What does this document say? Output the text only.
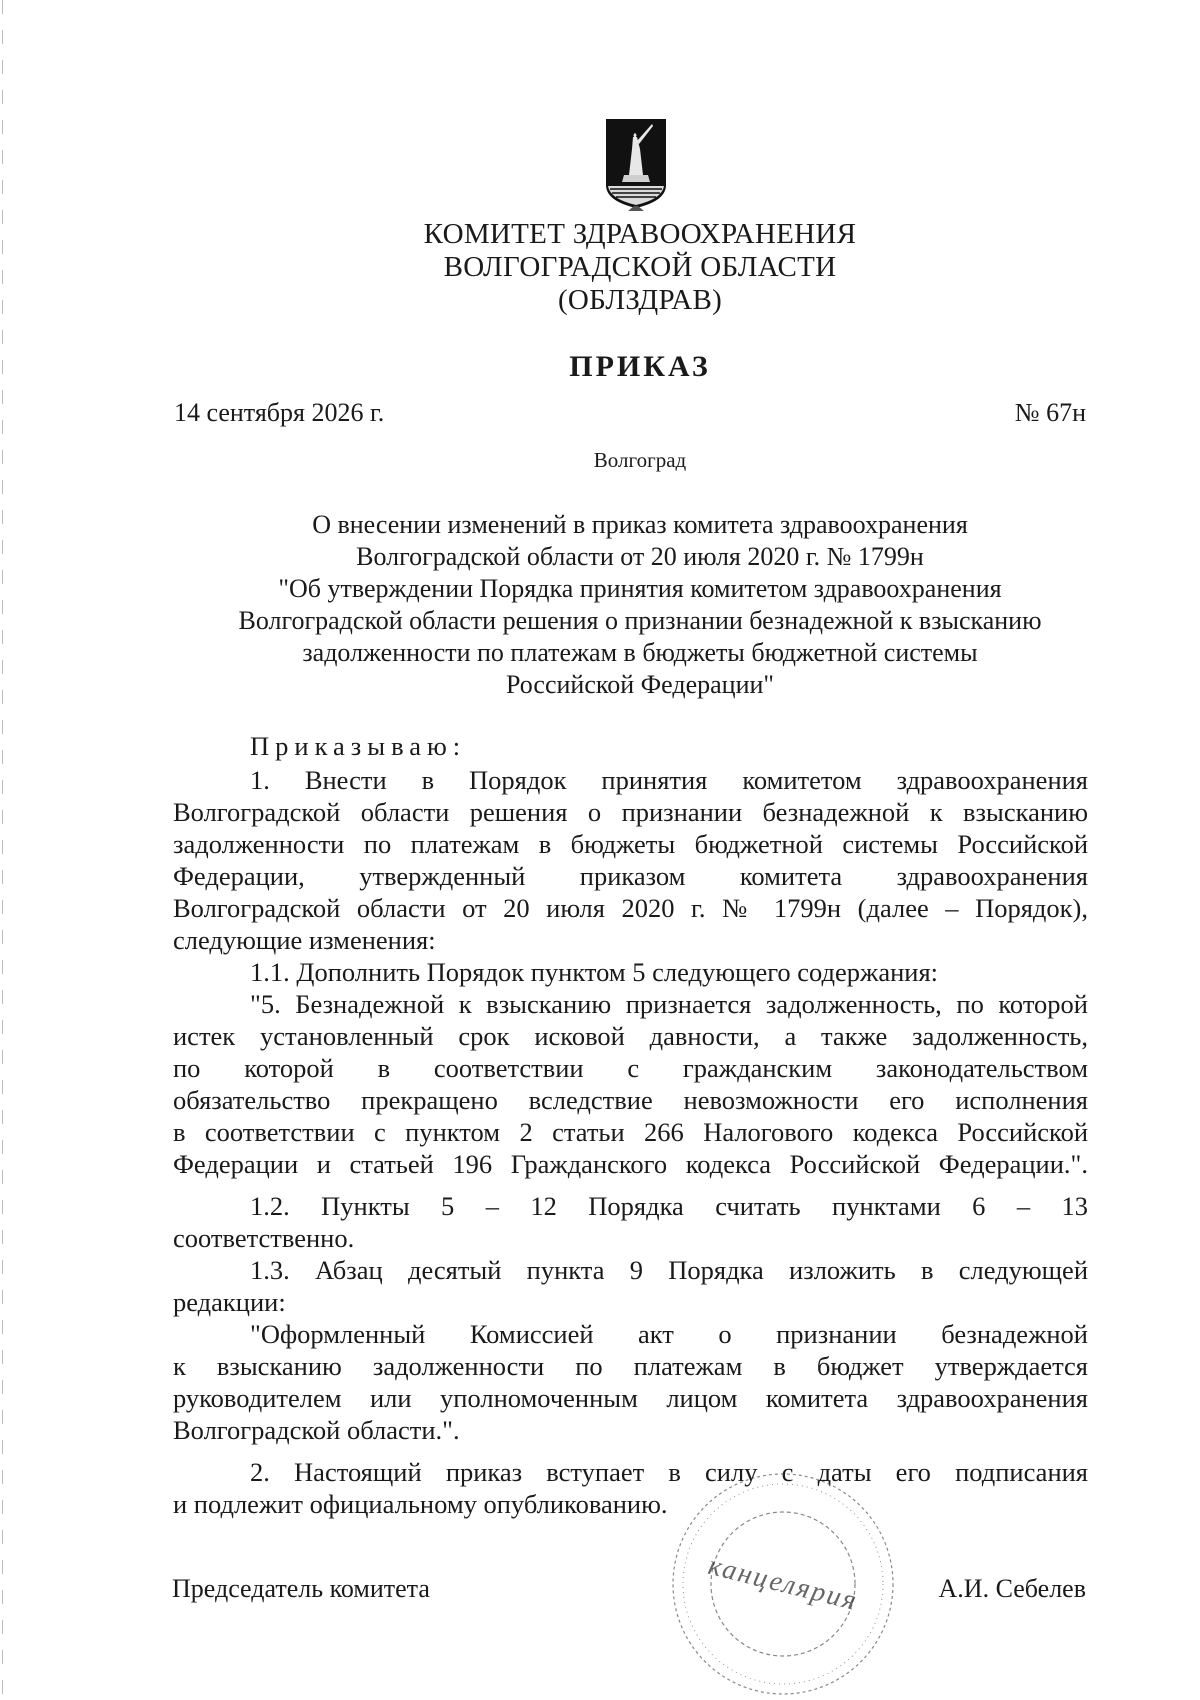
КОМИТЕТ ЗДРАВООХРАНЕНИЯ
ВОЛГОГРАДСКОЙ ОБЛАСТИ
(ОБЛЗДРАВ)
ПРИКАЗ
14 сентября 2026 г.	№ 67н
Волгоград
О внесении изменений в приказ комитета здравоохранения
Волгоградской области от 20 июля 2020 г. № 1799н
"Об утверждении Порядка принятия комитетом здравоохранения
Волгоградской области решения о признании безнадежной к взысканию
задолженности по платежам в бюджеты бюджетной системы
Российской Федерации"
Приказываю:
1. Внести в Порядок принятия комитетом здравоохранения
Волгоградской области решения о признании безнадежной к взысканию
задолженности по платежам в бюджеты бюджетной системы Российской
Федерации, утвержденный приказом комитета здравоохранения
Волгоградской области от 20 июля 2020 г. № 1799н (далее – Порядок),
следующие изменения:
1.1. Дополнить Порядок пунктом 5 следующего содержания:
"5. Безнадежной к взысканию признается задолженность, по которой
истек установленный срок исковой давности, а также задолженность,
по которой в соответствии с гражданским законодательством
обязательство прекращено вследствие невозможности его исполнения
в соответствии с пунктом 2 статьи 266 Налогового кодекса Российской
Федерации и статьей 196 Гражданского кодекса Российской Федерации.".
1.2. Пункты 5 – 12 Порядка считать пунктами 6 – 13
соответственно.
1.3. Абзац десятый пункта 9 Порядка изложить в следующей
редакции:
"Оформленный Комиссией акт о признании безнадежной
к взысканию задолженности по платежам в бюджет утверждается
руководителем или уполномоченным лицом комитета здравоохранения
Волгоградской области.".
2. Настоящий приказ вступает в силу с даты его подписания
и подлежит официальному опубликованию.
канцелярия
Председатель комитета	А.И. Себелев
